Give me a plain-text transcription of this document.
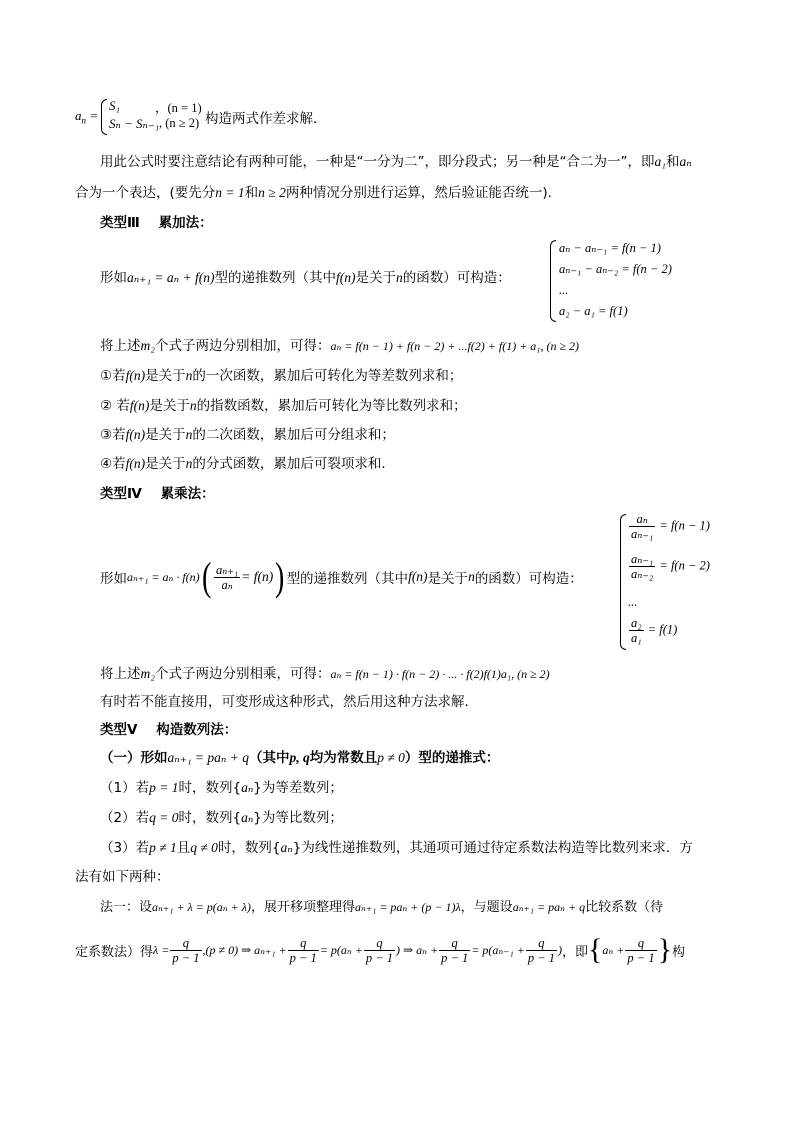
$a_n$ =
S₁	，(n = 1)
Sₙ − Sₙ₋₁ , (n ≥ 2) 构造两式作差求解．
用此公式时要注意结论有两种可能，一种是“一分为二”，即分段式；另一种是“合二为一”，即a₁和aₙ
合为一个表达，(要先分n = 1和n ≥ 2两种情况分别进行运算，然后验证能否统一)．
类型Ⅲ 累加法：
形如aₙ₊₁ = aₙ + f(n)型的递推数列（其中f(n)是关于n的函数）可构造：
aₙ − aₙ₋₁ = f(n − 1)
aₙ₋₁ − aₙ₋₂ = f(n − 2)
...
a₂ − a₁ = f(1)
将上述m₂个式子两边分别相加，可得：aₙ = f(n − 1) + f(n − 2) + ...f(2) + f(1) + a₁, (n ≥ 2)
①若f(n)是关于n的一次函数，累加后可转化为等差数列求和；
② 若f(n)是关于n的指数函数，累加后可转化为等比数列求和；
③若f(n)是关于n的二次函数，累加后可分组求和；
④若f(n)是关于n的分式函数，累加后可裂项求和．
类型Ⅳ 累乘法：
形如 aₙ₊₁ = aₙ · f(n) ( $\frac{\text{aₙ₊₁}}{\text{aₙ}} = f(n)$ ) 型的递推数列（其中 f(n) 是关于 n 的函数）可构造：
$\frac{\text{aₙ}}{\text{aₙ₋₁}} = f(n - 1)$
$\frac{\text{aₙ₋₁}}{\text{aₙ₋₂}} = f(n - 2)$
...
$\frac{\text{a₂}}{\text{a₁}} = f(1)$
将上述m₂个式子两边分别相乘，可得：aₙ = f(n − 1) · f(n − 2) · ... · f(2)f(1)a₁, (n ≥ 2)
有时若不能直接用，可变形成这种形式，然后用这种方法求解．
类型Ⅴ 构造数列法：
（一）形如aₙ₊₁ = paₙ + q（其中p, q均为常数且p ≠ 0）型的递推式：
（1）若p = 1时，数列{aₙ}为等差数列；
（2）若q = 0时，数列{aₙ}为等比数列；
（3）若p ≠ 1且q ≠ 0时，数列{aₙ}为线性递推数列，其通项可通过待定系数法构造等比数列来求．方
法有如下两种：
法一：设aₙ₊₁ + λ = p(aₙ + λ)，展开移项整理得aₙ₊₁ = paₙ + (p − 1)λ，与题设aₙ₊₁ = paₙ + q比较系数（待
定系数法）得 $\lambda = \frac{q}{p - 1} ,(p \ne 0)$ ⇒ $a_{n+1} + \frac{q}{p - 1} = p(a_n + \frac{q}{p - 1}$ ) ⇒ $a_n + \frac{q}{p - 1} = p(a_{n-1} + \frac{q}{p - 1}$ ) ，即 { $a_n + \frac{q}{p - 1}$ } 构
